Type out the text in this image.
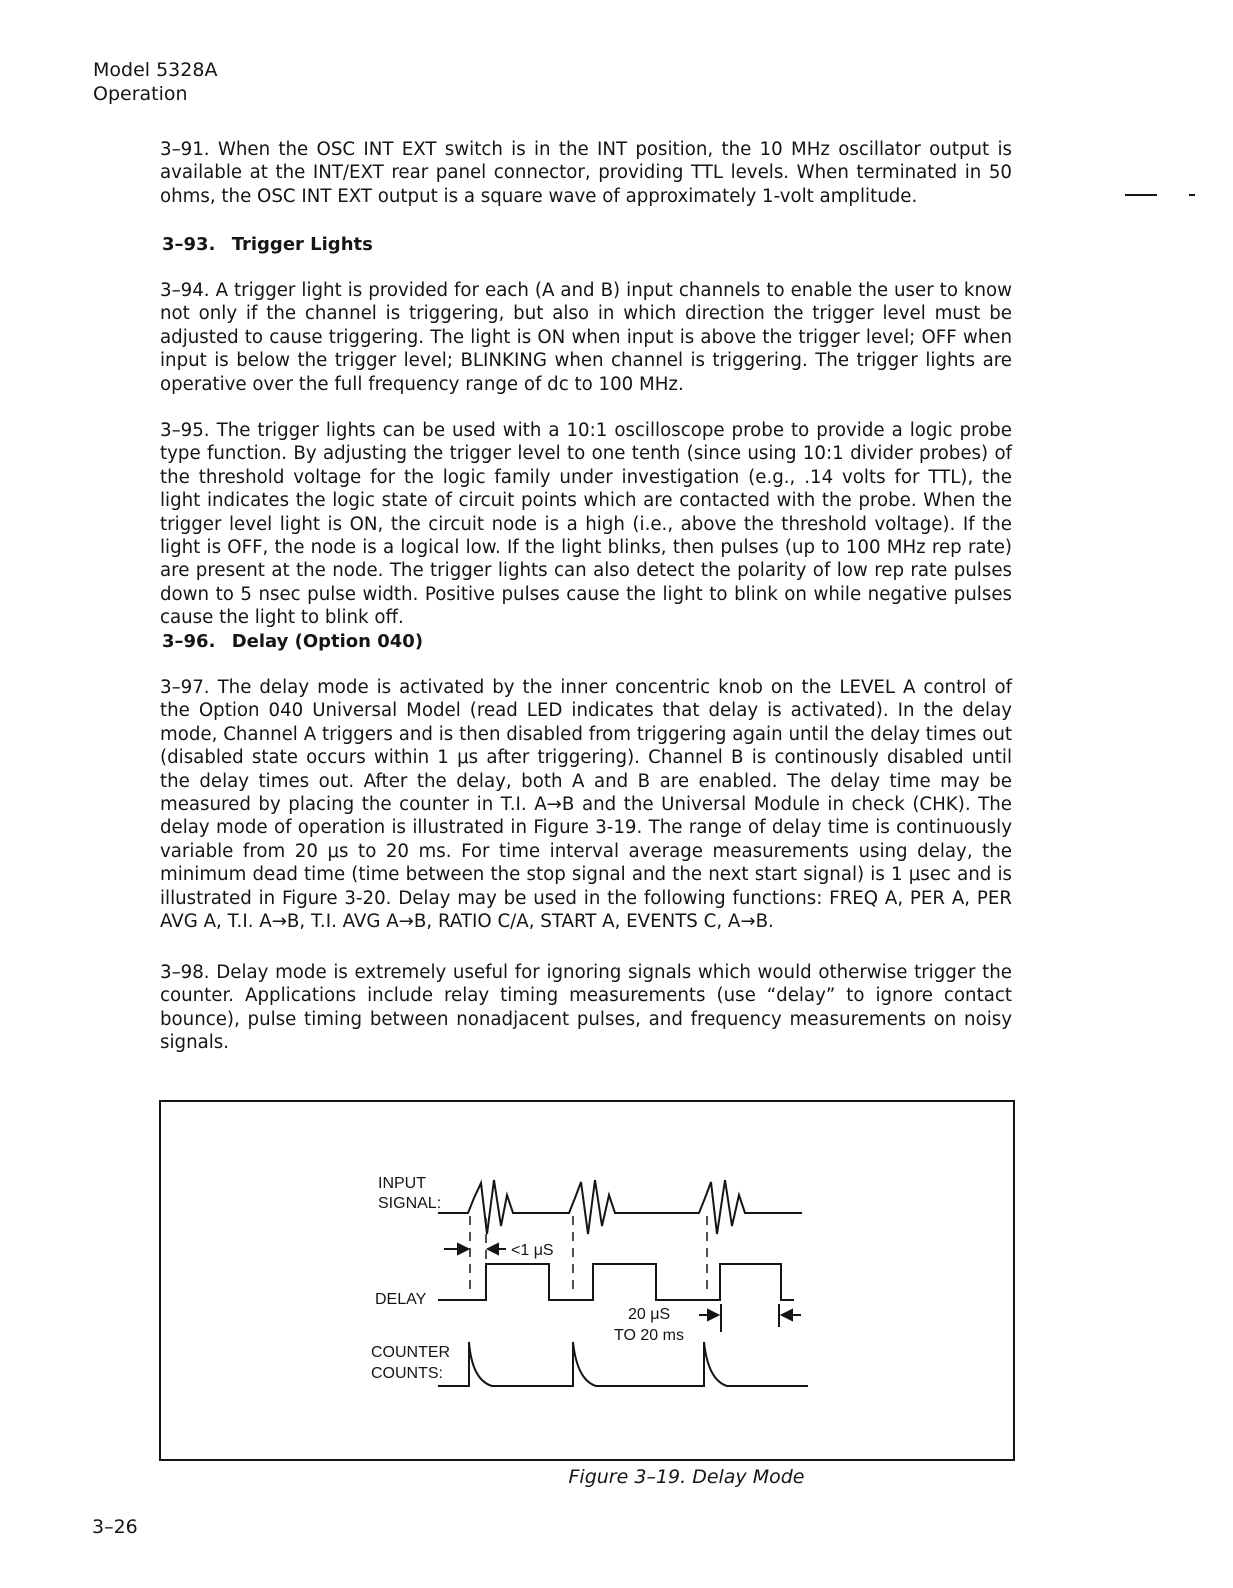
Model 5328A
Operation
3–91. When the OSC INT EXT switch is in the INT position, the 10 MHz oscillator output is available at the INT/EXT rear panel connector, providing TTL levels. When terminated in 50 ohms, the OSC INT EXT output is a square wave of approximately 1-volt amplitude.
3–93. Trigger Lights
3–94. A trigger light is provided for each (A and B) input channels to enable the user to know not only if the channel is triggering, but also in which direction the trigger level must be adjusted to cause triggering. The light is ON when input is above the trigger level; OFF when input is below the trigger level; BLINKING when channel is triggering. The trigger lights are operative over the full frequency range of dc to 100 MHz.
3–95. The trigger lights can be used with a 10:1 oscilloscope probe to provide a logic probe type function. By adjusting the trigger level to one tenth (since using 10:1 divider probes) of the threshold voltage for the logic family under investigation (e.g., .14 volts for TTL), the light indicates the logic state of circuit points which are contacted with the probe. When the trigger level light is ON, the circuit node is a high (i.e., above the threshold voltage). If the light is OFF, the node is a logical low. If the light blinks, then pulses (up to 100 MHz rep rate) are present at the node. The trigger lights can also detect the polarity of low rep rate pulses down to 5 nsec pulse width. Positive pulses cause the light to blink on while negative pulses cause the light to blink off.
3–96. Delay (Option 040)
3–97. The delay mode is activated by the inner concentric knob on the LEVEL A control of the Option 040 Universal Model (read LED indicates that delay is activated). In the delay mode, Channel A triggers and is then disabled from triggering again until the delay times out (disabled state occurs within 1 μs after triggering). Channel B is continously disabled until the delay times out. After the delay, both A and B are enabled. The delay time may be measured by placing the counter in T.I. A→B and the Universal Module in check (CHK). The delay mode of operation is illustrated in Figure 3-19. The range of delay time is continuously variable from 20 μs to 20 ms. For time interval average measurements using delay, the minimum dead time (time between the stop signal and the next start signal) is 1 μsec and is illustrated in Figure 3-20. Delay may be used in the following functions: FREQ A, PER A, PER AVG A, T.I. A→B, T.I. AVG A→B, RATIO C/A, START A, EVENTS C, A→B.
3–98. Delay mode is extremely useful for ignoring signals which would otherwise trigger the counter. Applications include relay timing measurements (use “delay” to ignore contact bounce), pulse timing between nonadjacent pulses, and frequency measurements on noisy signals.
INPUT
SIGNAL:
<1 μS
DELAY
20 μS
TO 20 ms
COUNTER
COUNTS:
Figure 3–19. Delay Mode
3–26
